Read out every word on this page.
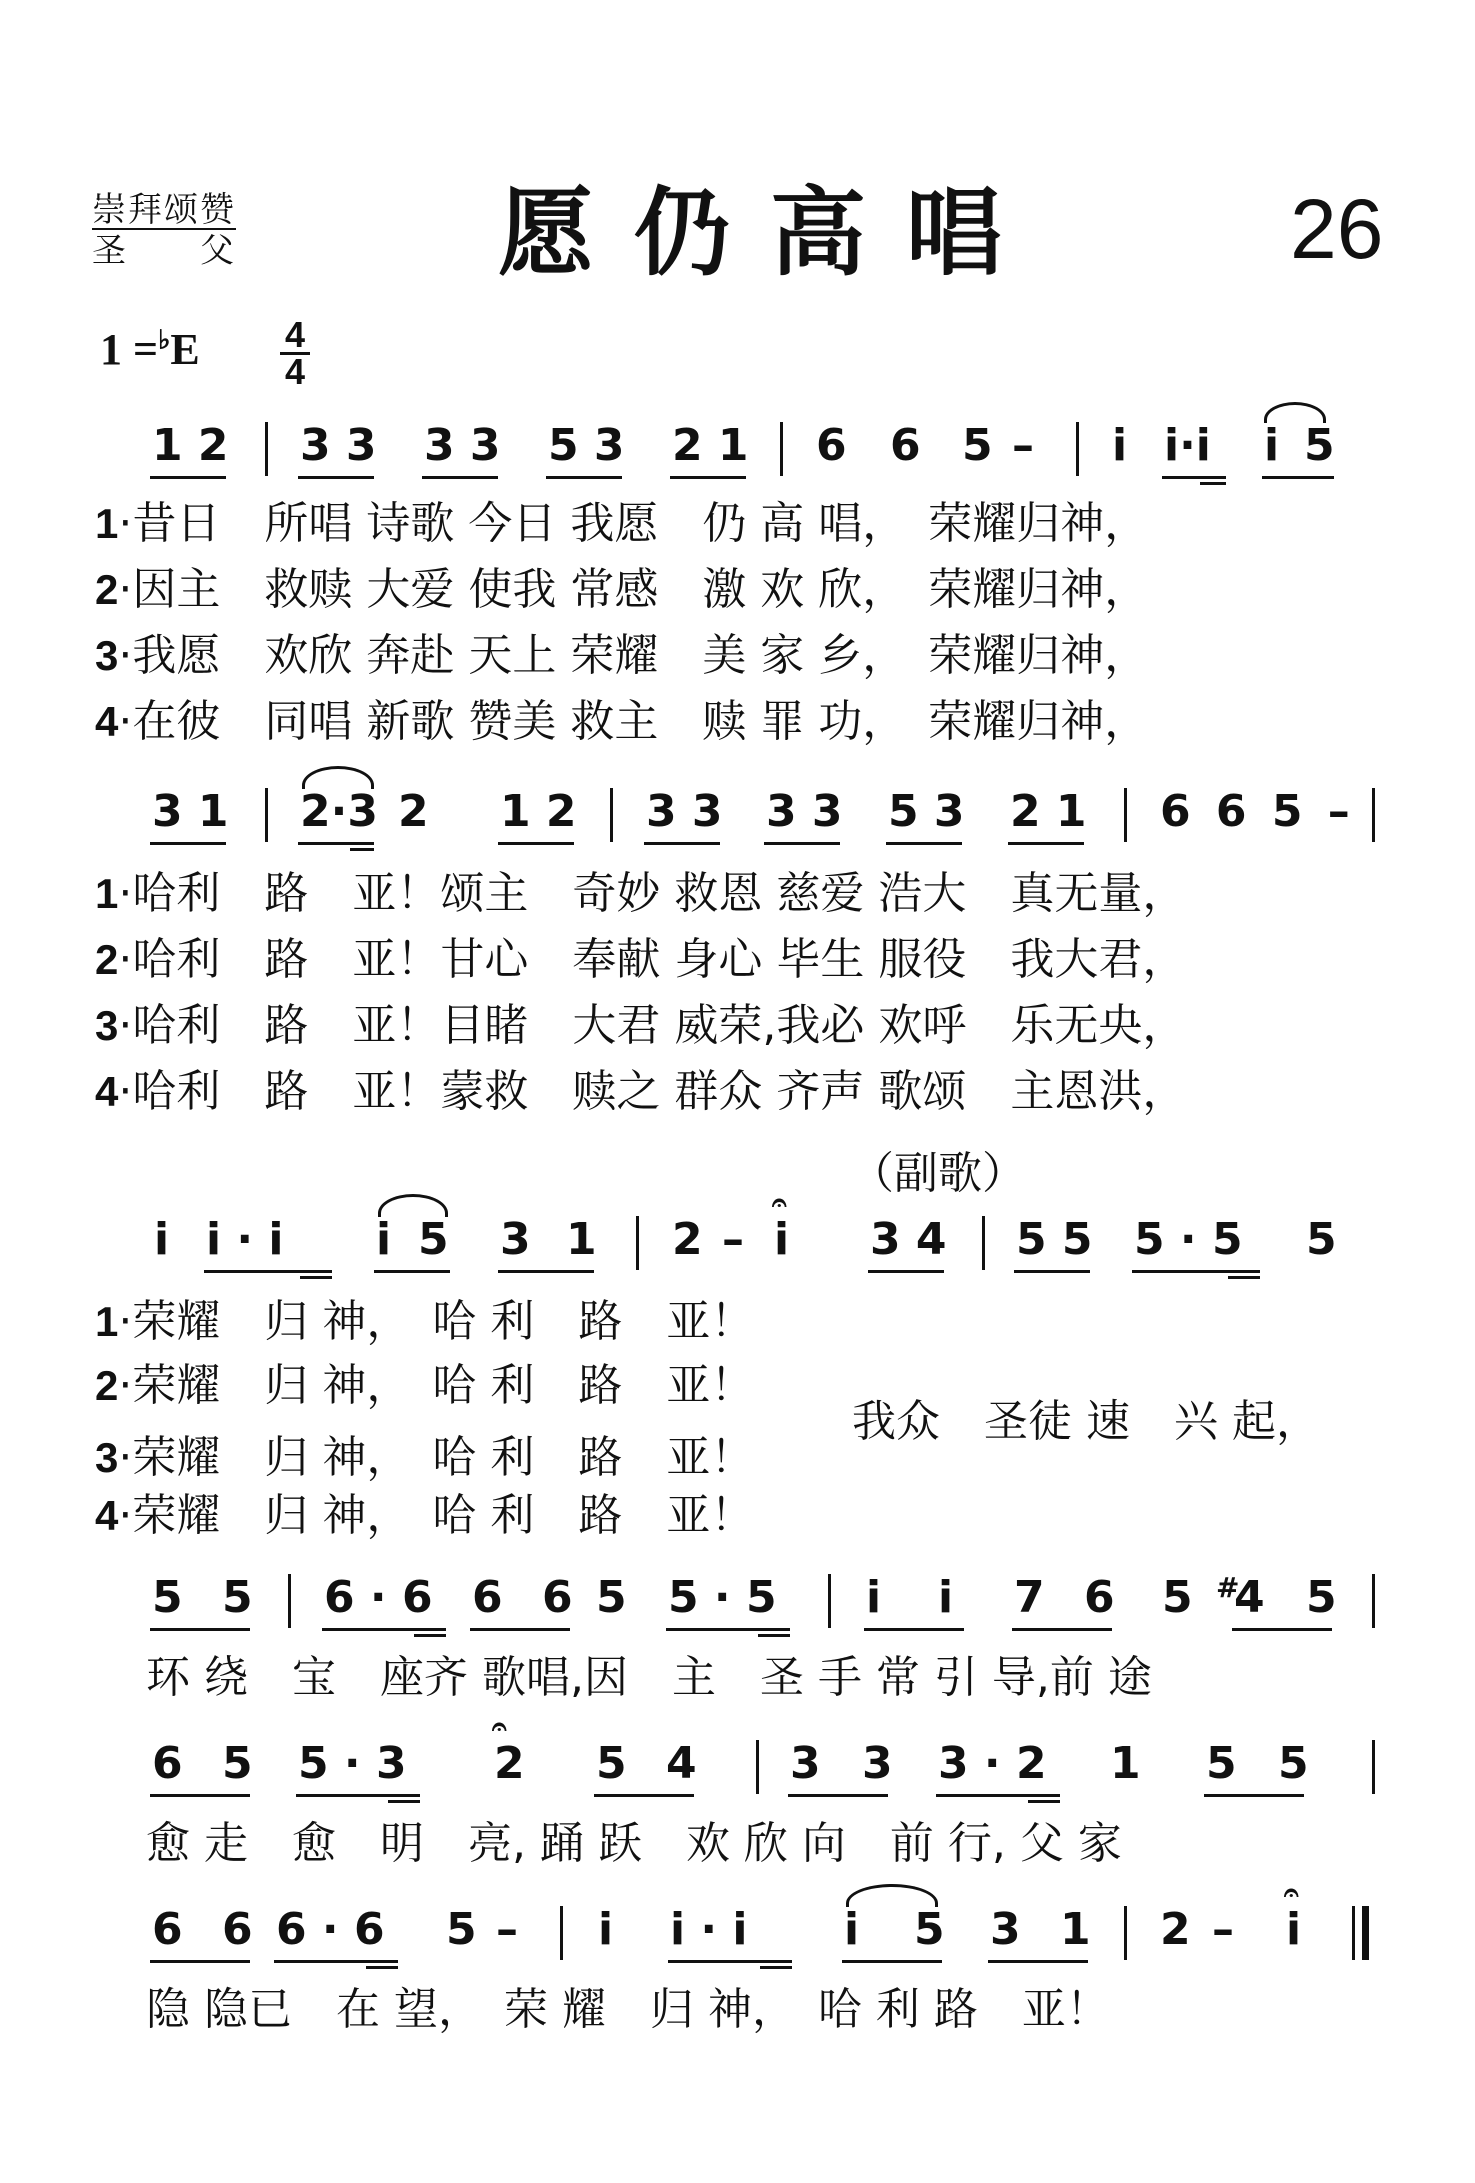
崇拜颂赞
圣　　父	愿仍高唱	26
1 =♭E 4
4
1 2 3 3 3 3 5 3 2 1 6 6 5 – i i·i i 5
1·昔日　所唱 诗歌 今日 我愿　仍 高 唱，　荣耀归神，
2·因主　救赎 大爱 使我 常感　激 欢 欣，　荣耀归神，
3·我愿　欢欣 奔赴 天上 荣耀　美 家 乡，　荣耀归神，
4·在彼　同唱 新歌 赞美 救主　赎 罪 功，　荣耀归神，
3 1 2·3 2 1 2 3 3 3 3 5 3 2 1 6 6 5 –
1·哈利　路　亚！颂主　奇妙 救恩 慈爱 浩大　真无量，
2·哈利　路　亚！甘心　奉献 身心 毕生 服役　我大君，
3·哈利　路　亚！目睹　大君 威荣,我必 欢呼　乐无央，
4·哈利　路　亚！蒙救　赎之 群众 齐声 歌颂　主恩洪，
（副歌）
i i · i i 5 3 1 2 – i
𝄐
3 4 5 5 5 · 5 5
1·荣耀　归 神，　哈 利　路　亚！
2·荣耀　归 神，　哈 利　路　亚！
3·荣耀　归 神，　哈 利　路　亚！
4·荣耀　归 神，　哈 利　路　亚！
我众　圣徒 速　兴 起，
5 5 6 · 6 6 6 5 5 · 5 i i 7 6 5 #
4 5
环 绕　宝　座齐 歌唱,因　主　圣 手 常 引 导,前 途
6 5 5 · 3 2
𝄐
5 4 3 3 3 · 2 1 5 5
愈 走　愈　明　亮, 踊 跃　欢 欣 向　前 行, 父 家
6 6 6 · 6 5 – i i · i i 5 3 1 2 – i
𝄐
隐 隐已　在 望，　荣 耀　归 神，　哈 利 路　亚！
